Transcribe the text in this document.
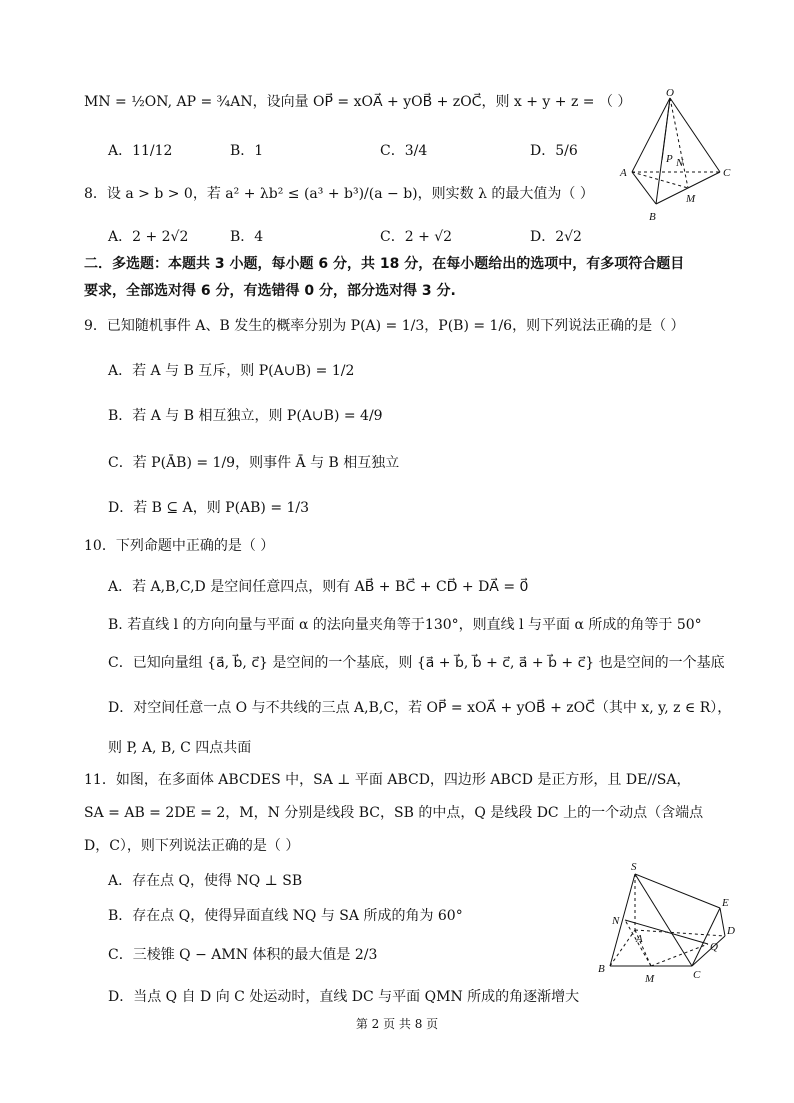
MN = ½ON, AP = ¾AN，设向量 OP⃗ = xOA⃗ + yOB⃗ + zOC⃗，则 x + y + z = （ ）
A．11/12	B．1	C．3/4	D．5/6
8．设 a > b > 0，若 a² + λb² ≤ (a³ + b³)/(a − b)，则实数 λ 的最大值为（ ）
A．2 + 2√2	B．4	C．2 + √2	D．2√2
二．多选题：本题共 3 小题，每小题 6 分，共 18 分，在每小题给出的选项中，有多项符合题目
要求，全部选对得 6 分，有选错得 0 分，部分选对得 3 分.
9．已知随机事件 A、B 发生的概率分别为 P(A) = 1/3，P(B) = 1/6，则下列说法正确的是（ ）
A．若 A 与 B 互斥，则 P(A∪B) = 1/2
B．若 A 与 B 相互独立，则 P(A∪B) = 4/9
C．若 P(ĀB) = 1/9，则事件 Ā 与 B 相互独立
D．若 B ⊆ A，则 P(AB) = 1/3
10．下列命题中正确的是（ ）
A．若 A,B,C,D 是空间任意四点，则有 AB⃗ + BC⃗ + CD⃗ + DA⃗ = 0⃗
B. 若直线 l 的方向向量与平面 α 的法向量夹角等于130°，则直线 l 与平面 α 所成的角等于 50°
C．已知向量组 {a⃗, b⃗, c⃗} 是空间的一个基底，则 {a⃗ + b⃗, b⃗ + c⃗, a⃗ + b⃗ + c⃗} 也是空间的一个基底
D．对空间任意一点 O 与不共线的三点 A,B,C，若 OP⃗ = xOA⃗ + yOB⃗ + zOC⃗（其中 x, y, z ∈ R），
则 P, A, B, C 四点共面
11．如图，在多面体 ABCDES 中，SA ⊥ 平面 ABCD，四边形 ABCD 是正方形，且 DE//SA，
SA = AB = 2DE = 2，M，N 分别是线段 BC，SB 的中点，Q 是线段 DC 上的一个动点（含端点
D，C），则下列说法正确的是（ ）
A．存在点 Q，使得 NQ ⊥ SB
B．存在点 Q，使得异面直线 NQ 与 SA 所成的角为 60°
C．三棱锥 Q − AMN 体积的最大值是 2/3
D．当点 Q 自 D 向 C 处运动时，直线 DC 与平面 QMN 所成的角逐渐增大
O
A
B
C
M
N
P
S
E
N
A
D
Q
B
M	C
第 2 页 共 8 页
